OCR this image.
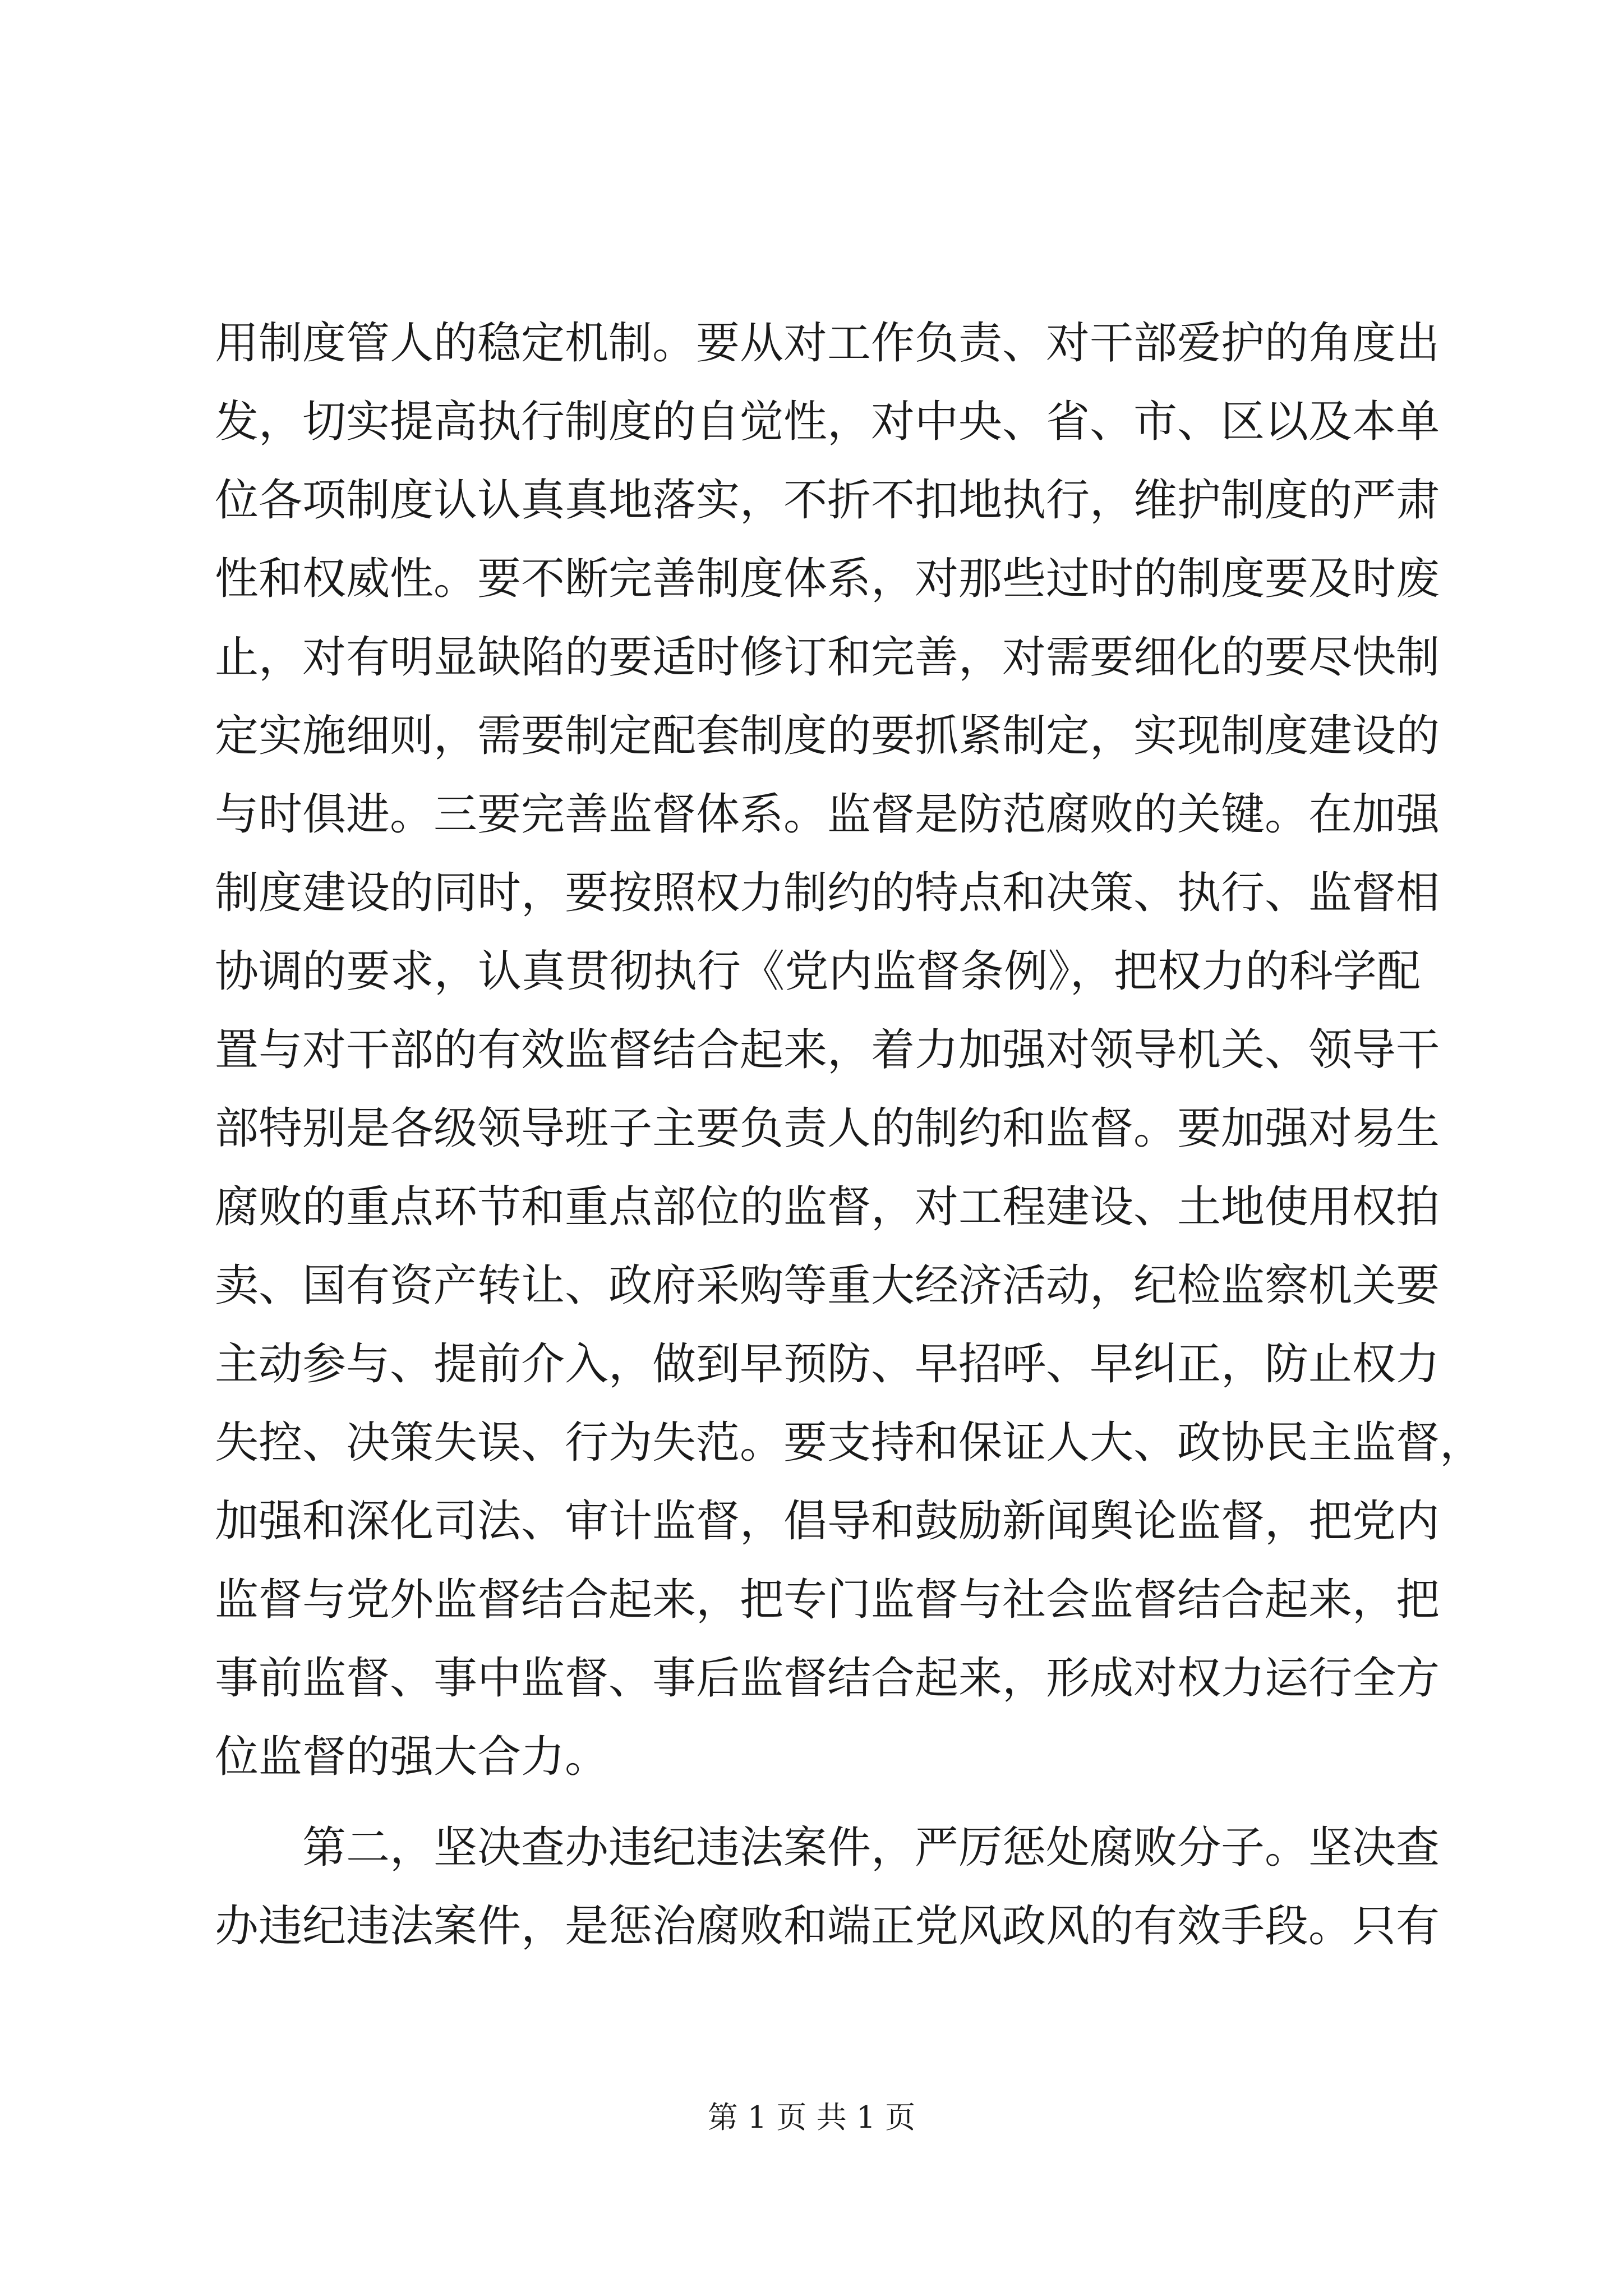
用制度管人的稳定机制。要从对工作负责、对干部爱护的角度出
发，切实提高执行制度的自觉性，对中央、省、市、区以及本单
位各项制度认认真真地落实，不折不扣地执行，维护制度的严肃
性和权威性。要不断完善制度体系，对那些过时的制度要及时废
止，对有明显缺陷的要适时修订和完善，对需要细化的要尽快制
定实施细则，需要制定配套制度的要抓紧制定，实现制度建设的
与时俱进。三要完善监督体系。监督是防范腐败的关键。在加强
制度建设的同时，要按照权力制约的特点和决策、执行、监督相
协调的要求，认真贯彻执行《党内监督条例》，把权力的科学配
置与对干部的有效监督结合起来，着力加强对领导机关、领导干
部特别是各级领导班子主要负责人的制约和监督。要加强对易生
腐败的重点环节和重点部位的监督，对工程建设、土地使用权拍
卖、国有资产转让、政府采购等重大经济活动，纪检监察机关要
主动参与、提前介入，做到早预防、早招呼、早纠正，防止权力
失控、决策失误、行为失范。要支持和保证人大、政协民主监督，
加强和深化司法、审计监督，倡导和鼓励新闻舆论监督，把党内
监督与党外监督结合起来，把专门监督与社会监督结合起来，把
事前监督、事中监督、事后监督结合起来，形成对权力运行全方
位监督的强大合力。
第二，坚决查办违纪违法案件，严厉惩处腐败分子。坚决查
办违纪违法案件，是惩治腐败和端正党风政风的有效手段。只有
第 1 页 共 1 页
